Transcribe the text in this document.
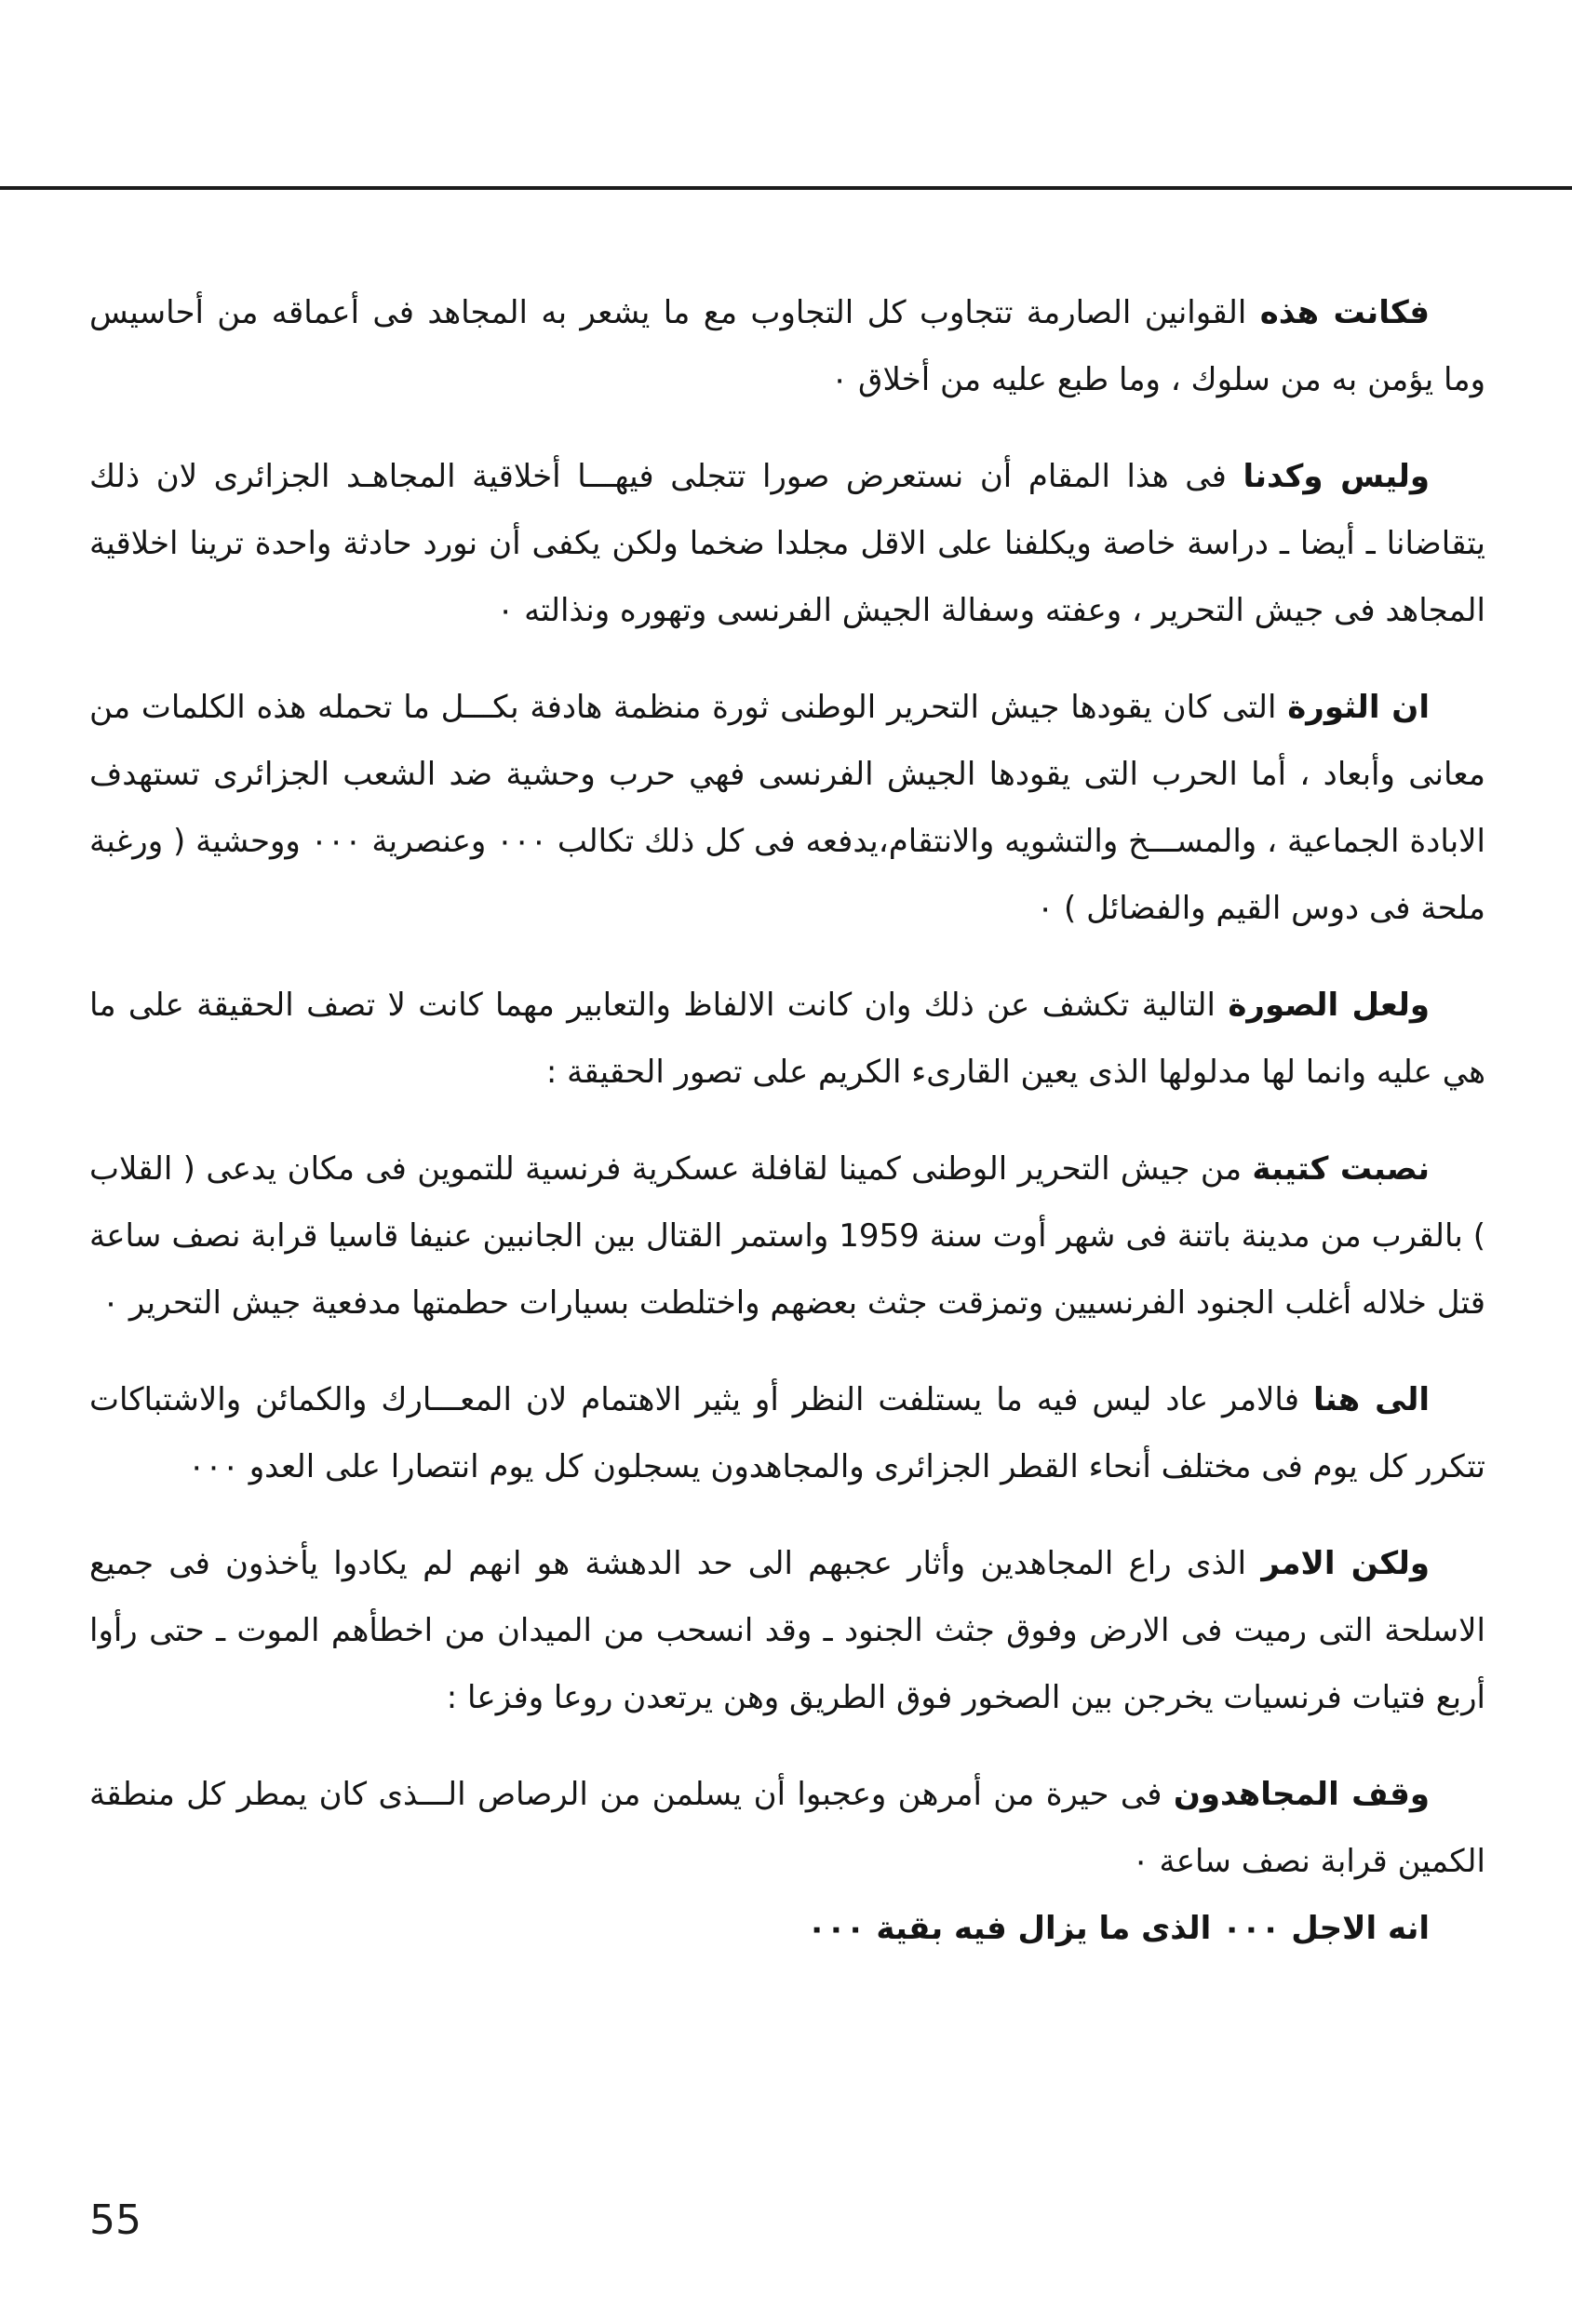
فكانت هذه القوانين الصارمة تتجاوب كل التجاوب مع ما يشعر به المجاهد فى أعماقه من أحاسيس وما يؤمن به من سلوك ، وما طبع عليه من أخلاق ٠

وليس وكدنا فى هذا المقام أن نستعرض صورا تتجلى فيهـــا أخلاقية المجاهـد الجزائرى لان ذلك يتقاضانا ـ أيضا ـ دراسة خاصة ويكلفنا على الاقل مجلدا ضخما ولكن يكفى أن نورد حادثة واحدة ترينا اخلاقية المجاهد فى جيش التحرير ، وعفته وسفالة الجيش الفرنسى وتهوره ونذالته ٠

ان الثورة التى كان يقودها جيش التحرير الوطنى ثورة منظمة هادفة بكـــل ما تحمله هذه الكلمات من معانى وأبعاد ، أما الحرب التى يقودها الجيش الفرنسى فهي حرب وحشية ضد الشعب الجزائرى تستهدف الابادة الجماعية ، والمســـخ والتشويه والانتقام،يدفعه فى كل ذلك تكالب ٠٠٠ وعنصرية ٠٠٠ ووحشية ( ورغبة ملحة فى دوس القيم والفضائل ) ٠

ولعل الصورة التالية تكشف عن ذلك وان كانت الالفاظ والتعابير مهما كانت لا تصف الحقيقة على ما هي عليه وانما لها مدلولها الذى يعين القارىء الكريم على تصور الحقيقة :

نصبت كتيبة من جيش التحرير الوطنى كمينا لقافلة عسكرية فرنسية للتموين فى مكان يدعى ( القلاب ) بالقرب من مدينة باتنة فى شهر أوت سنة 1959 واستمر القتال بين الجانبين عنيفا قاسيا قرابة نصف ساعة قتل خلاله أغلب الجنود الفرنسيين وتمزقت جثث بعضهم واختلطت بسيارات حطمتها مدفعية جيش التحرير ٠

الى هنا فالامر عاد ليس فيه ما يستلفت النظر أو يثير الاهتمام لان المعـــارك والكمائن والاشتباكات تتكرر كل يوم فى مختلف أنحاء القطر الجزائرى والمجاهدون يسجلون كل يوم انتصارا على العدو ٠٠٠

ولكن الامر الذى راع المجاهدين وأثار عجبهم الى حد الدهشة هو انهم لم يكادوا يأخذون فى جميع الاسلحة التى رميت فى الارض وفوق جثث الجنود ـ وقد انسحب من الميدان من اخطأهم الموت ـ حتى رأوا أربع فتيات فرنسيات يخرجن بين الصخور فوق الطريق وهن يرتعدن روعا وفزعا :

وقف المجاهدون فى حيرة من أمرهن وعجبوا أن يسلمن من الرصاص الـــذى كان يمطر كل منطقة الكمين قرابة نصف ساعة ٠

انه الاجل ٠٠٠ الذى ما يزال فيه بقية ٠٠٠

55
